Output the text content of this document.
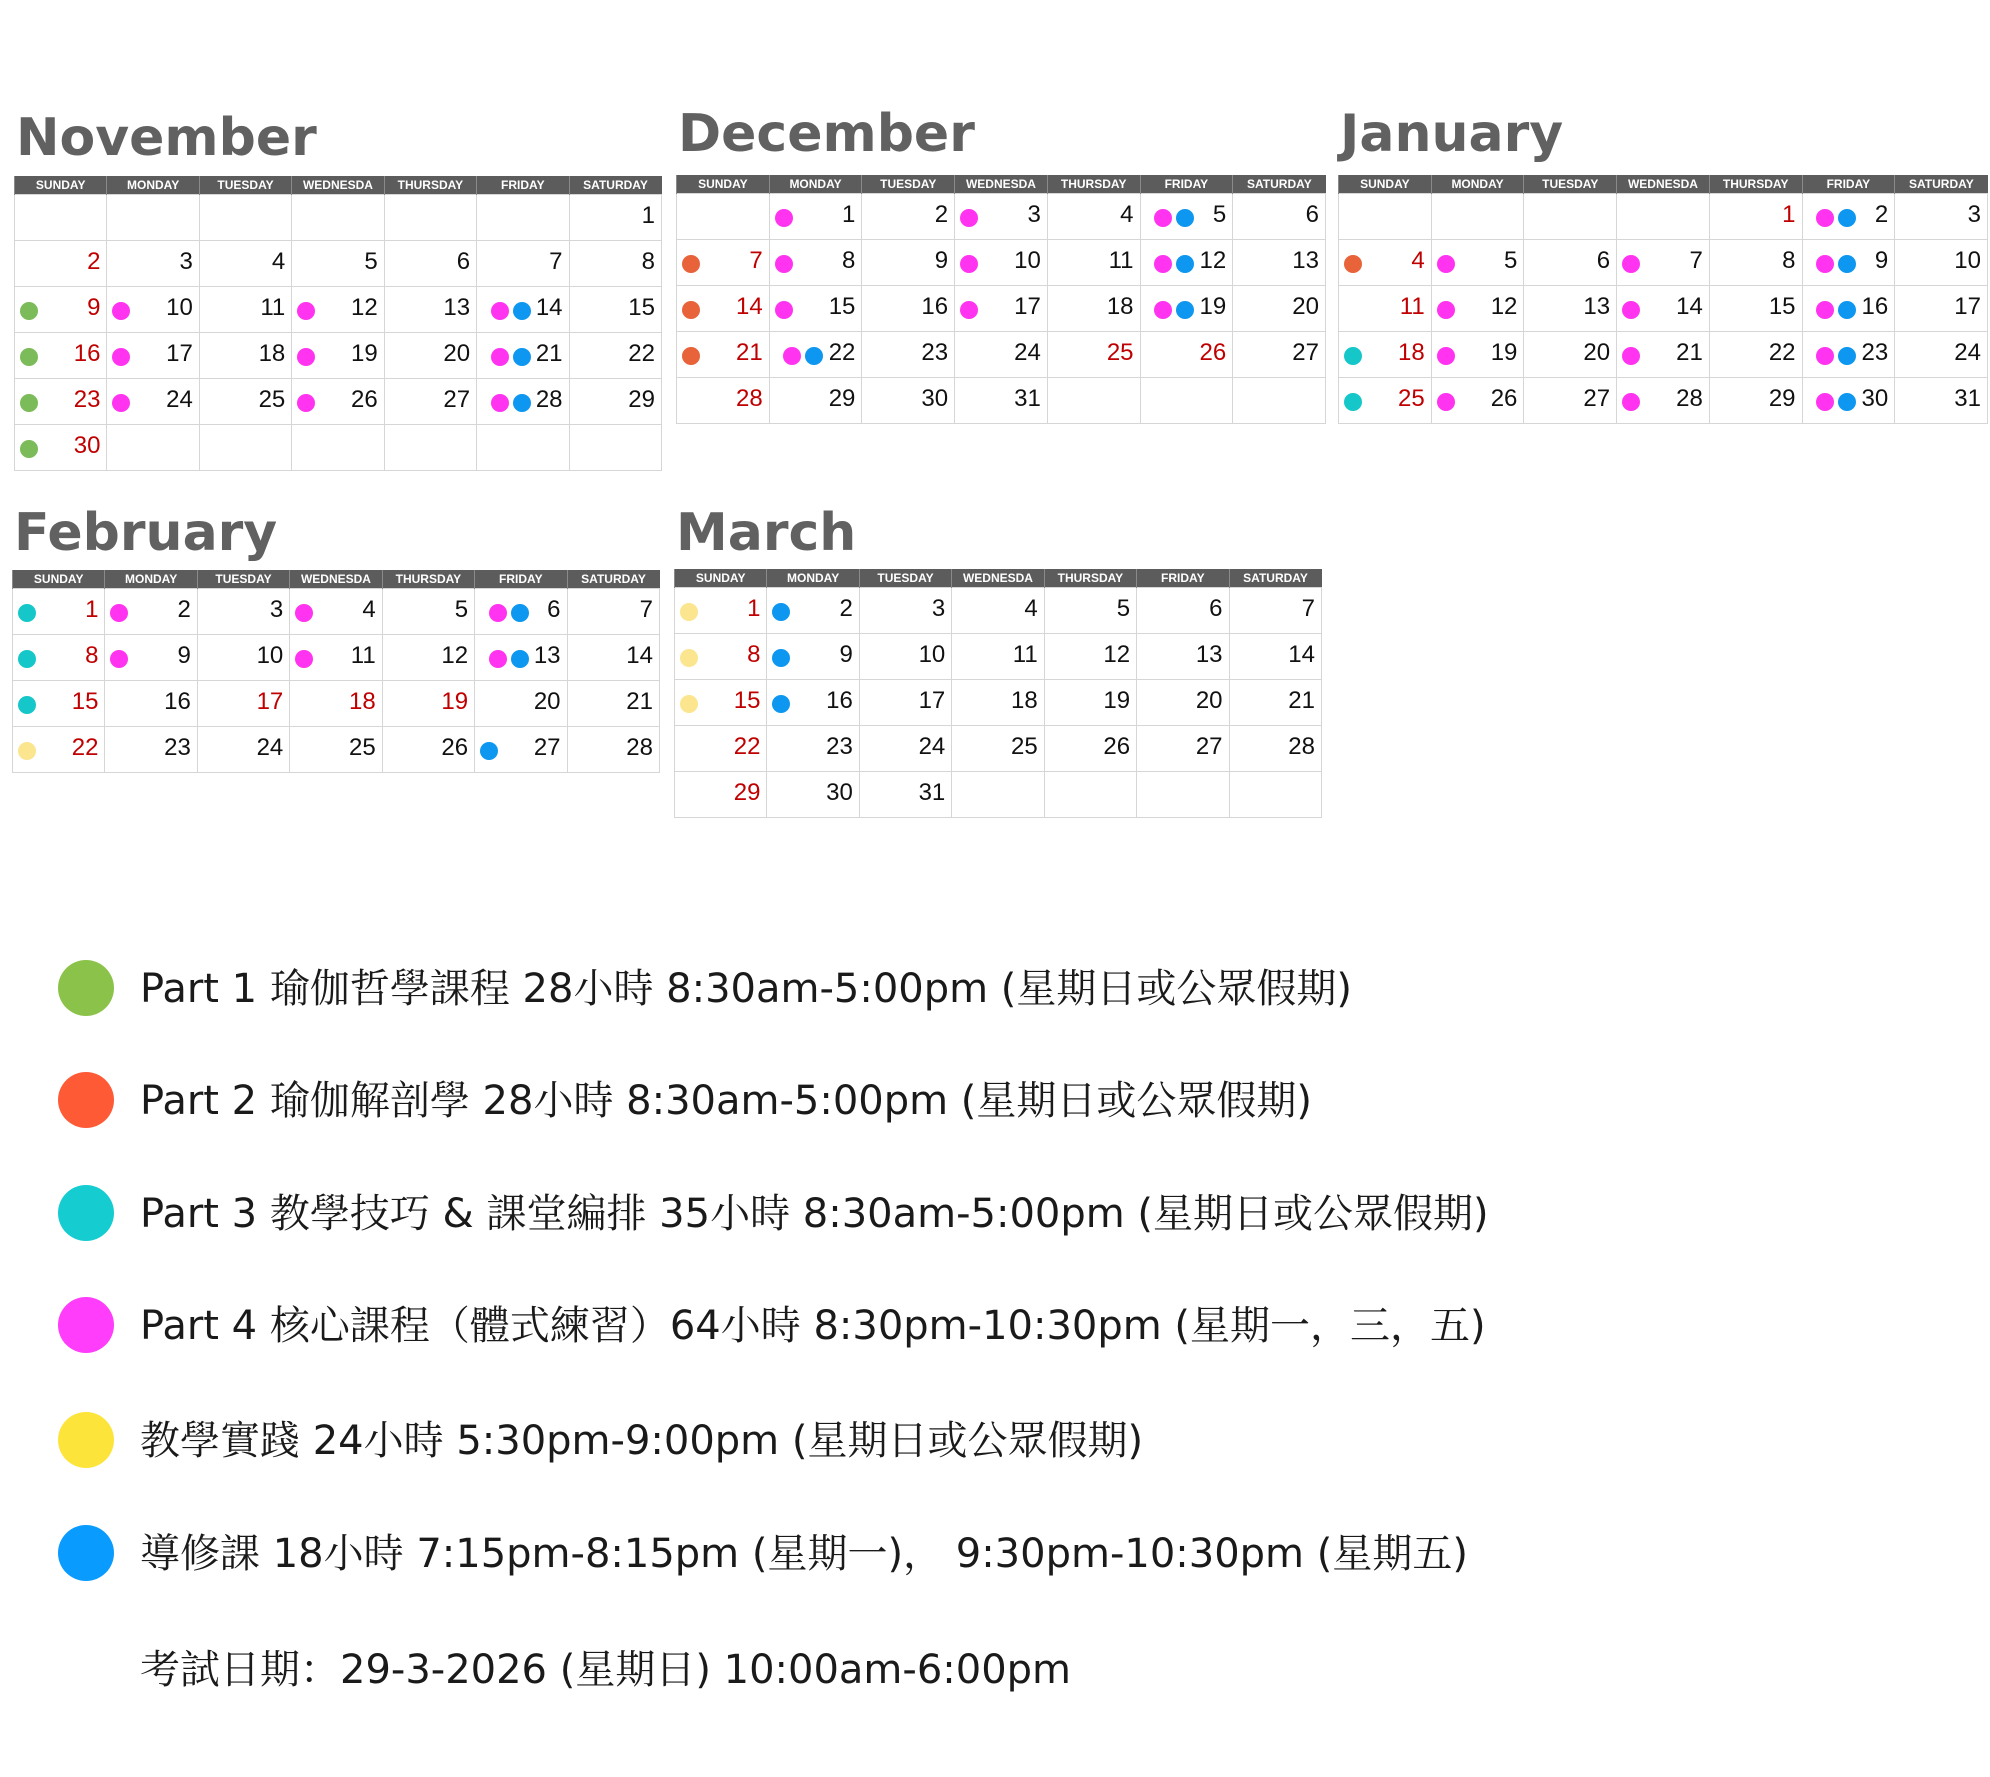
November
SUNDAY	MONDAY	TUESDAY	WEDNESDA	THURSDAY	FRIDAY	SATURDAY

						1

2	3	4	5	6	7	8

9	10	11	12	13	14	15

16	17	18	19	20	21	22

23	24	25	26	27	28	29

30						

December
SUNDAY	MONDAY	TUESDAY	WEDNESDA	THURSDAY	FRIDAY	SATURDAY

	1	2	3	4	5	6

7	8	9	10	11	12	13

14	15	16	17	18	19	20

21	22	23	24	25	26	27

28	29	30	31			

January
SUNDAY	MONDAY	TUESDAY	WEDNESDA	THURSDAY	FRIDAY	SATURDAY

				1	2	3

4	5	6	7	8	9	10

11	12	13	14	15	16	17

18	19	20	21	22	23	24

25	26	27	28	29	30	31
February
SUNDAY	MONDAY	TUESDAY	WEDNESDA	THURSDAY	FRIDAY	SATURDAY

1	2	3	4	5	6	7

8	9	10	11	12	13	14

15	16	17	18	19	20	21

22	23	24	25	26	27	28
March
SUNDAY	MONDAY	TUESDAY	WEDNESDA	THURSDAY	FRIDAY	SATURDAY

1	2	3	4	5	6	7

8	9	10	11	12	13	14

15	16	17	18	19	20	21

22	23	24	25	26	27	28

29	30	31				

Part 1 瑜伽哲學課程 28小時 8:30am-5:00pm (星期日或公眾假期)
Part 2 瑜伽解剖學 28小時 8:30am-5:00pm (星期日或公眾假期)
Part 3 教學技巧 & 課堂編排 35小時 8:30am-5:00pm (星期日或公眾假期)
Part 4 核心課程（體式練習）64小時 8:30pm-10:30pm (星期一，三，五)
教學實踐 24小時 5:30pm-9:00pm (星期日或公眾假期)
導修課 18小時 7:15pm-8:15pm (星期一)， 9:30pm-10:30pm (星期五)
考試日期：29-3-2026 (星期日) 10:00am-6:00pm
